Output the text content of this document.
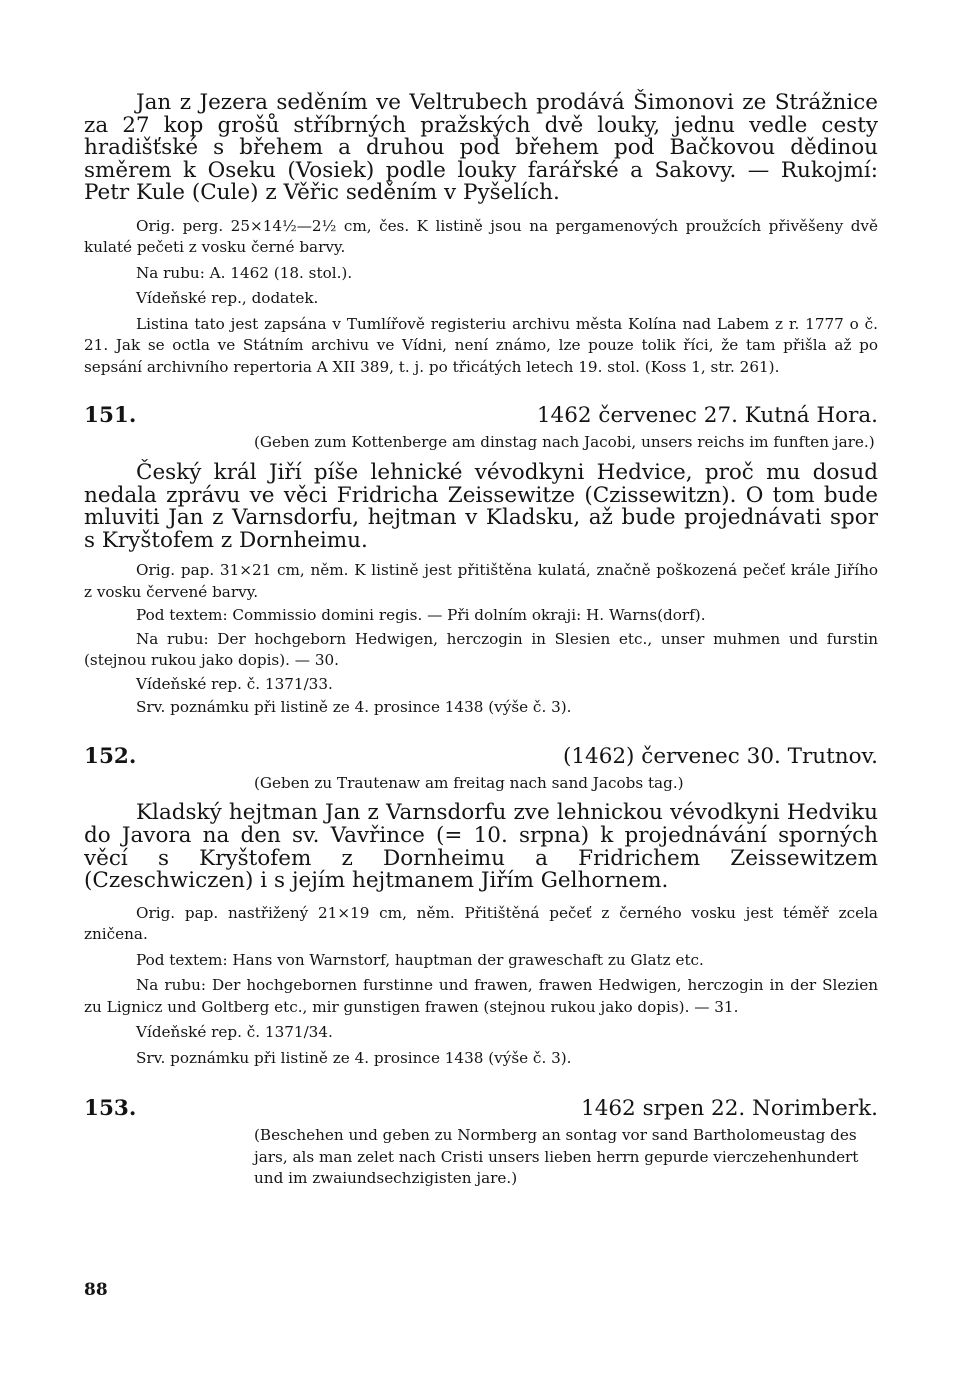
Jan z Jezera seděním ve Veltrubech prodává Šimonovi ze Strážnice za 27 kop grošů stříbrných pražských dvě louky, jednu vedle cesty hradišťské s břehem a druhou pod břehem pod Bačkovou dědinou směrem k Oseku (Vosiek) podle louky farářské a Sakovy. — Rukojmí: Petr Kule (Cule) z Věřic seděním v Pyšelích.

Orig. perg. 25×14½—2½ cm, čes. K listině jsou na pergamenových proužcích přivěšeny dvě kulaté pečeti z vosku černé barvy.

Na rubu: A. 1462 (18. stol.).

Vídeňské rep., dodatek.

Listina tato jest zapsána v Tumlířově registeriu archivu města Kolína nad Labem z r. 1777 o č. 21. Jak se octla ve Státním archivu ve Vídni, není známo, lze pouze tolik říci, že tam přišla až po sepsání archivního repertoria A XII 389, t. j. po třicátých letech 19. stol. (Koss 1, str. 261).

151.	1462 červenec 27. Kutná Hora.

(Geben zum Kottenberge am dinstag nach Jacobi, unsers reichs im funften jare.)

Český král Jiří píše lehnické vévodkyni Hedvice, proč mu dosud nedala zprávu ve věci Fridricha Zeissewitze (Czissewitzn). O tom bude mluviti Jan z Varnsdorfu, hejtman v Kladsku, až bude projednávati spor s Kryštofem z Dornheimu.

Orig. pap. 31×21 cm, něm. K listině jest přitištěna kulatá, značně poškozená pečeť krále Jiřího z vosku červené barvy.

Pod textem: Commissio domini regis. — Při dolním okraji: H. Warns(dorf).

Na rubu: Der hochgeborn Hedwigen, herczogin in Slesien etc., unser muhmen und furstin (stejnou rukou jako dopis). — 30.

Vídeňské rep. č. 1371/33.

Srv. poznámku při listině ze 4. prosince 1438 (výše č. 3).

152.	(1462) červenec 30. Trutnov.

(Geben zu Trautenaw am freitag nach sand Jacobs tag.)

Kladský hejtman Jan z Varnsdorfu zve lehnickou vévodkyni Hedviku do Javora na den sv. Vavřince (= 10. srpna) k projednávání sporných věcí s Kryštofem z Dornheimu a Fridrichem Zeissewitzem (Czeschwiczen) i s jejím hejtmanem Jiřím Gelhornem.

Orig. pap. nastřižený 21×19 cm, něm. Přitištěná pečeť z černého vosku jest téměř zcela zničena.

Pod textem: Hans von Warnstorf, hauptman der graweschaft zu Glatz etc.

Na rubu: Der hochgebornen furstinne und frawen, frawen Hedwigen, herczogin in der Slezien zu Lignicz und Goltberg etc., mir gunstigen frawen (stejnou rukou jako dopis). — 31.

Vídeňské rep. č. 1371/34.

Srv. poznámku při listině ze 4. prosince 1438 (výše č. 3).

153.	1462 srpen 22. Norimberk.

(Beschehen und geben zu Normberg an sontag vor sand Bartholomeustag des jars, als man zelet nach Cristi unsers lieben herrn gepurde vierczehenhundert und im zwaiundsechzigisten jare.)

88
